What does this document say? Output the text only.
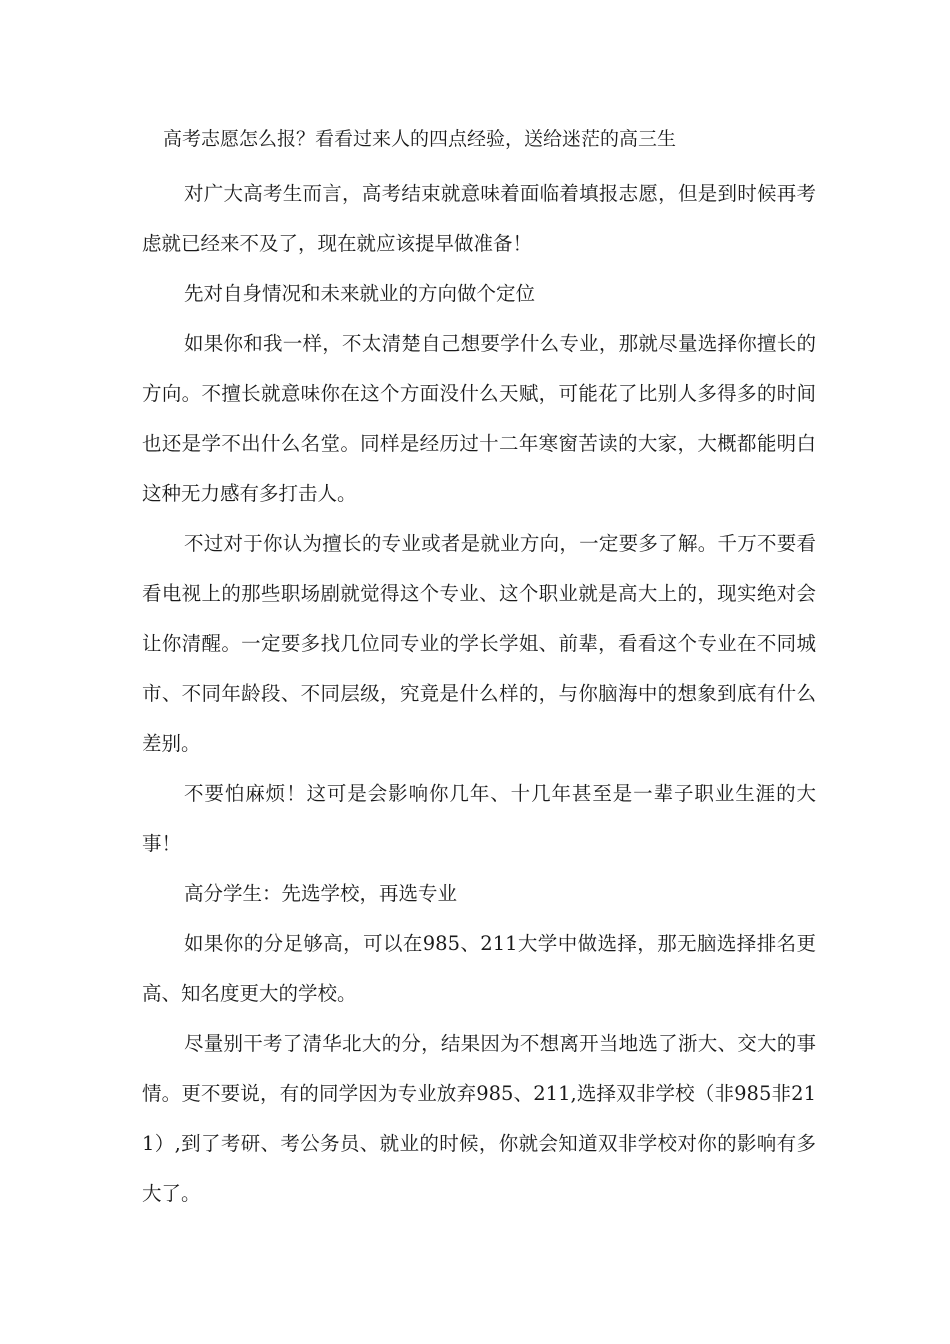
高考志愿怎么报？看看过来人的四点经验，送给迷茫的高三生

对广大高考生而言，高考结束就意味着面临着填报志愿，但是到时候再考虑就已经来不及了，现在就应该提早做准备！

先对自身情况和未来就业的方向做个定位

如果你和我一样，不太清楚自己想要学什么专业，那就尽量选择你擅长的方向。不擅长就意味你在这个方面没什么天赋，可能花了比别人多得多的时间也还是学不出什么名堂。同样是经历过十二年寒窗苦读的大家，大概都能明白这种无力感有多打击人。

不过对于你认为擅长的专业或者是就业方向，一定要多了解。千万不要看看电视上的那些职场剧就觉得这个专业、这个职业就是高大上的，现实绝对会让你清醒。一定要多找几位同专业的学长学姐、前辈，看看这个专业在不同城市、不同年龄段、不同层级，究竟是什么样的，与你脑海中的想象到底有什么差别。

不要怕麻烦！这可是会影响你几年、十几年甚至是一辈子职业生涯的大事！

高分学生：先选学校，再选专业

如果你的分足够高，可以在985、211大学中做选择，那无脑选择排名更高、知名度更大的学校。

尽量别干考了清华北大的分，结果因为不想离开当地选了浙大、交大的事情。更不要说，有的同学因为专业放弃985、211,选择双非学校（非985非211）,到了考研、考公务员、就业的时候，你就会知道双非学校对你的影响有多大了。
